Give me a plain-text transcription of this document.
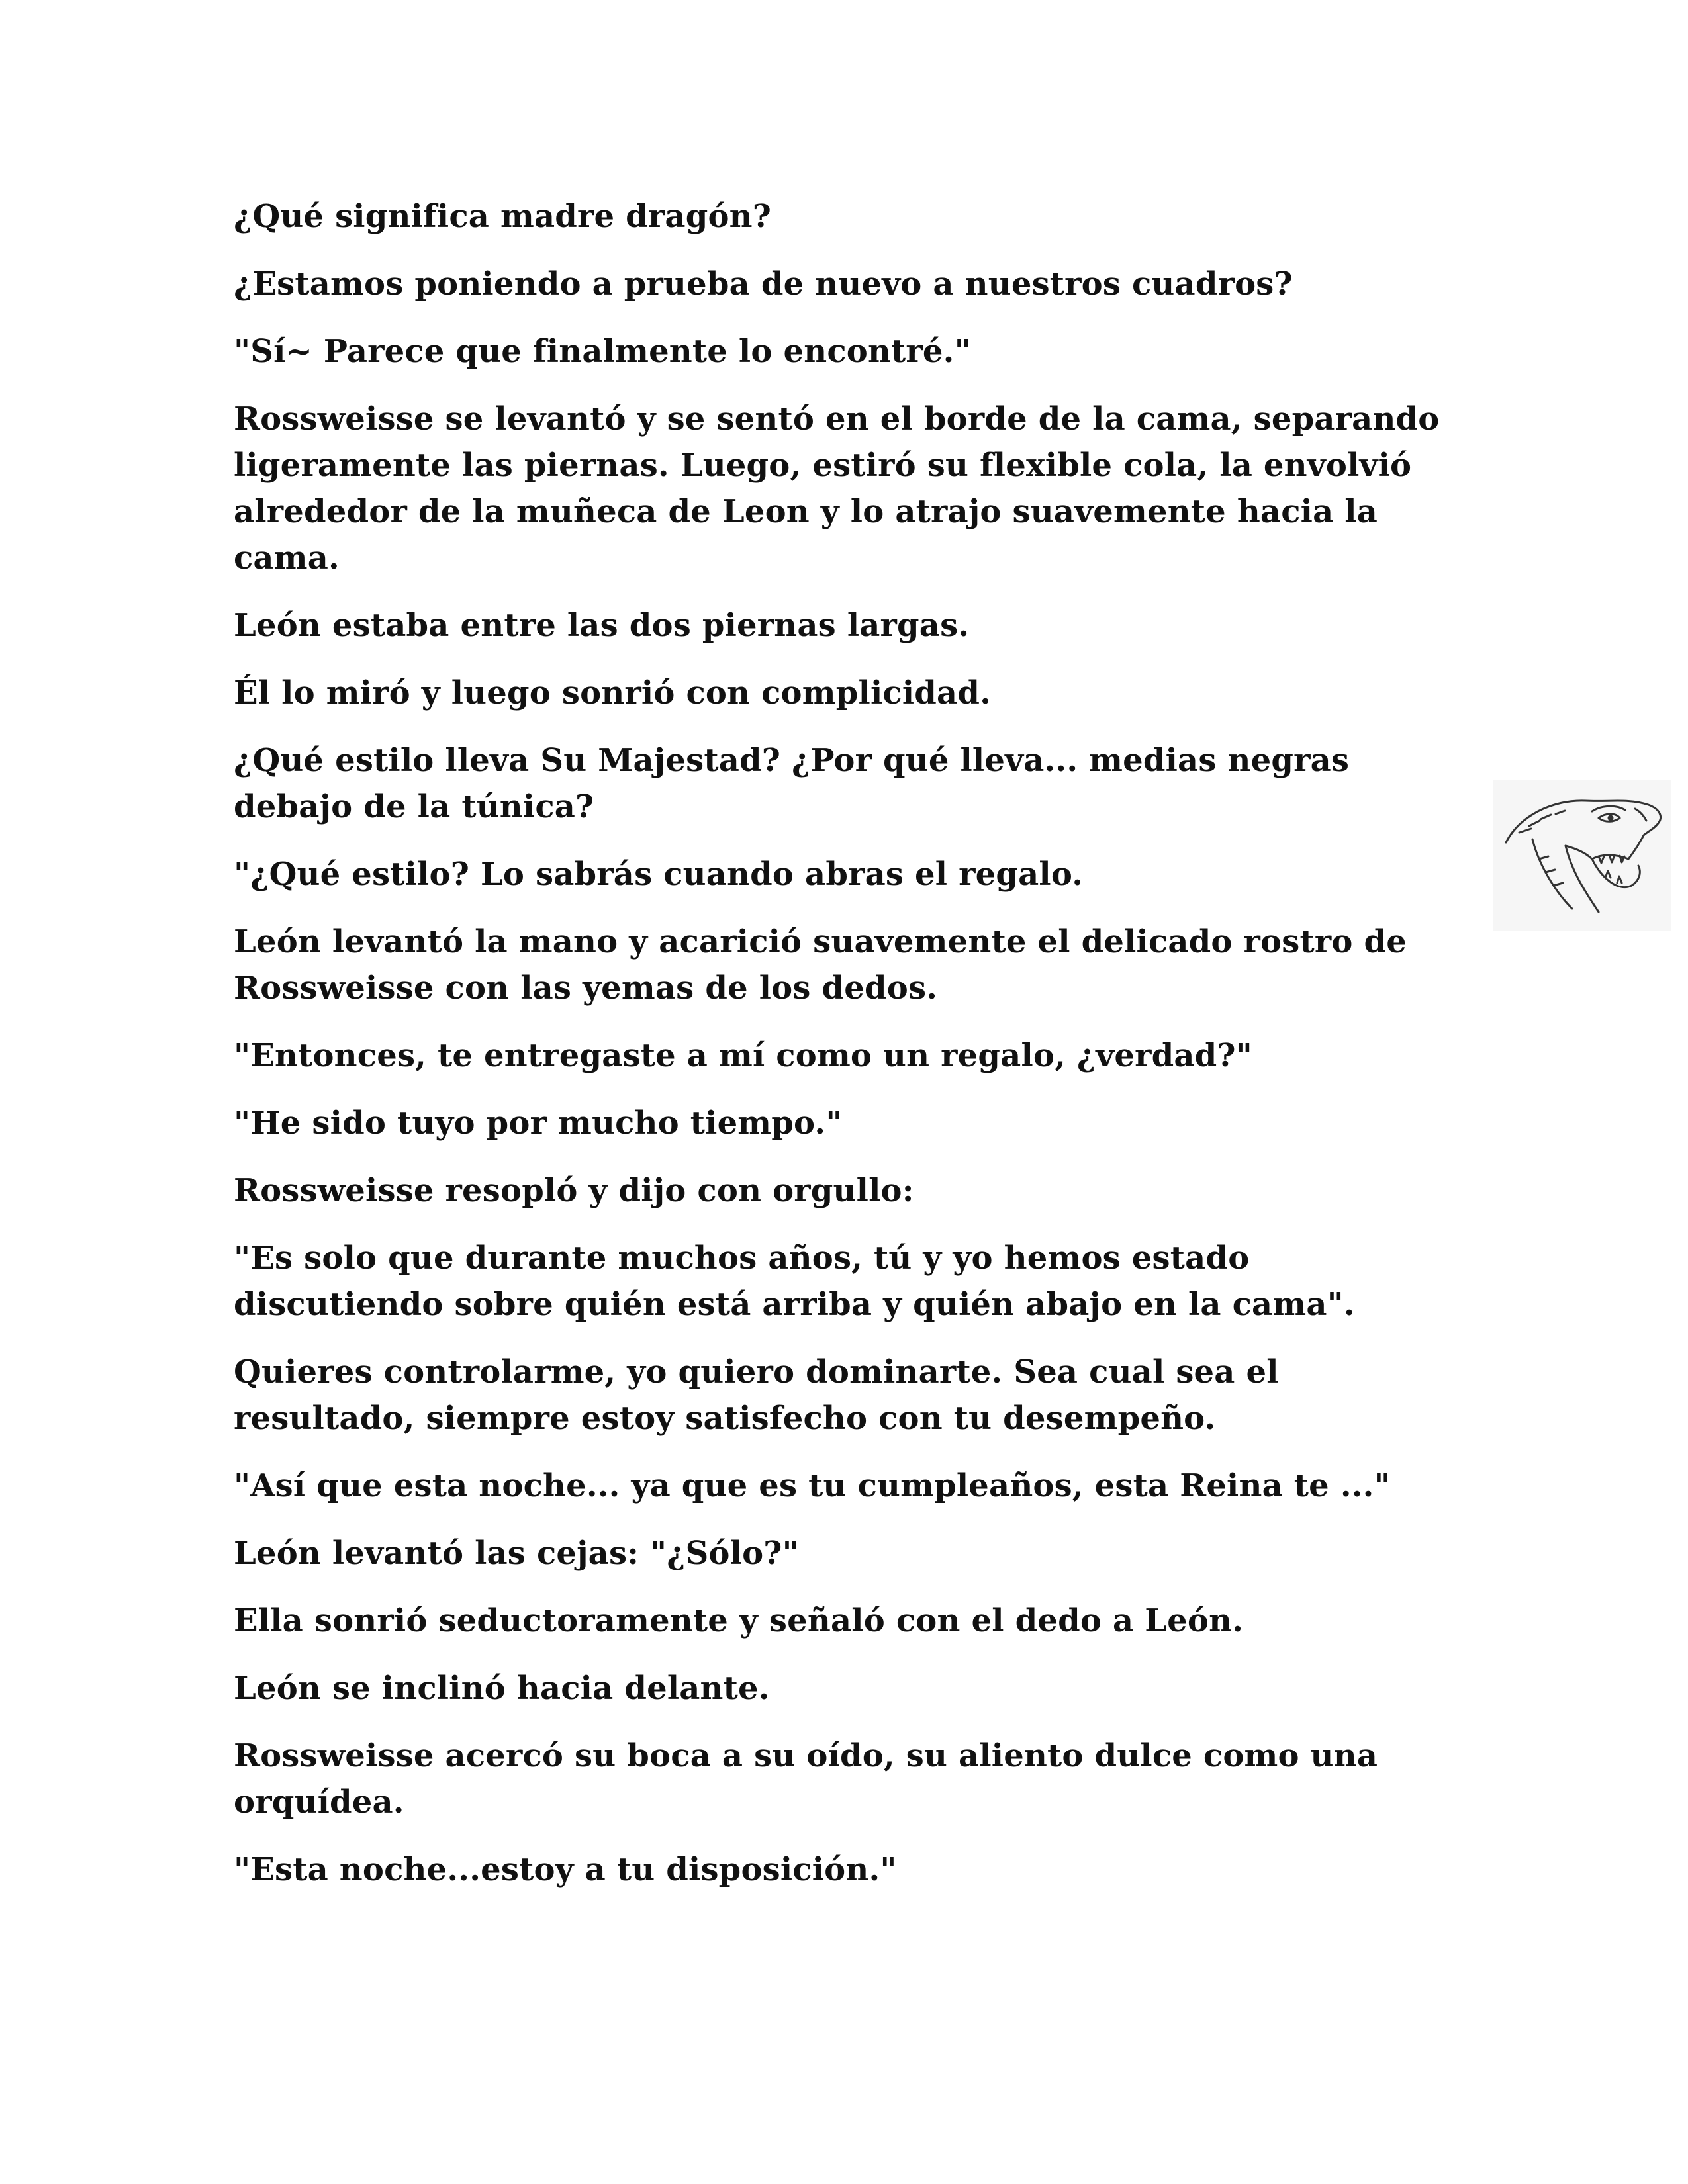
¿Qué significa madre dragón?

¿Estamos poniendo a prueba de nuevo a nuestros cuadros?

"Sí~ Parece que finalmente lo encontré."

Rossweisse se levantó y se sentó en el borde de la cama, separando ligeramente las piernas. Luego, estiró su flexible cola, la envolvió alrededor de la muñeca de Leon y lo atrajo suavemente hacia la cama.

León estaba entre las dos piernas largas.

Él lo miró y luego sonrió con complicidad.

¿Qué estilo lleva Su Majestad? ¿Por qué lleva... medias negras debajo de la túnica?

"¿Qué estilo? Lo sabrás cuando abras el regalo.

León levantó la mano y acarició suavemente el delicado rostro de Rossweisse con las yemas de los dedos.

"Entonces, te entregaste a mí como un regalo, ¿verdad?"

"He sido tuyo por mucho tiempo."

Rossweisse resopló y dijo con orgullo:

"Es solo que durante muchos años, tú y yo hemos estado discutiendo sobre quién está arriba y quién abajo en la cama".

Quieres controlarme, yo quiero dominarte. Sea cual sea el resultado, siempre estoy satisfecho con tu desempeño.

"Así que esta noche... ya que es tu cumpleaños, esta Reina te ..."

León levantó las cejas: "¿Sólo?"

Ella sonrió seductoramente y señaló con el dedo a León.

León se inclinó hacia delante.

Rossweisse acercó su boca a su oído, su aliento dulce como una orquídea.

"Esta noche...estoy a tu disposición."
